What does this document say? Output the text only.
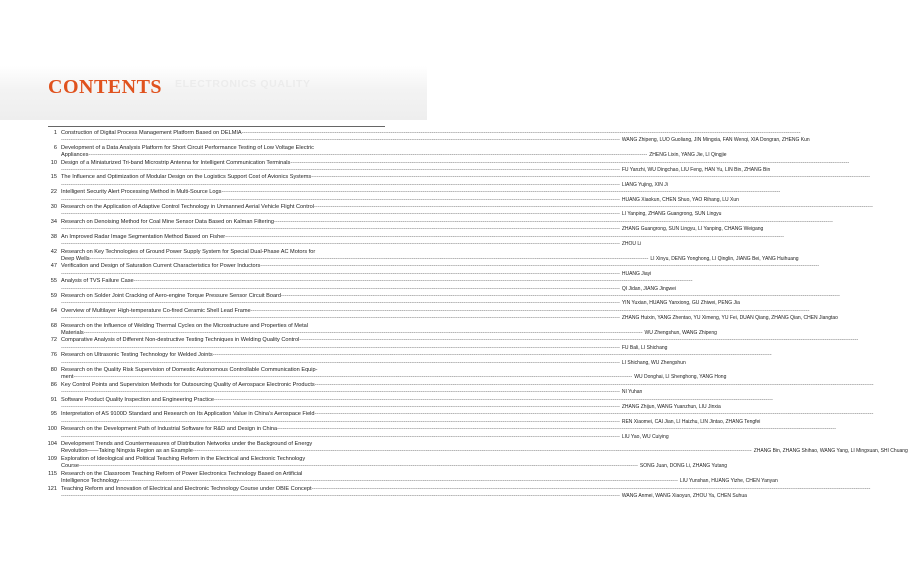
CONTENTS ELECTRONICS QUALITY
1 Construction of Digital Process Management Platform Based on DELMIA ------------------------------------------------------------------------------------------------------------------------------------------------------------------------------------------------------------------------------------------------------------------------------------------------------------
------------------------------------------------------------------------------------------------------------------------------------------------------------------------------------------------------------------------------------------------------------------------------------------------------------ WANG Zhipeng, LUO Guoliang, JIN Mingxia, FAN Wenqi, XIA Dongran, ZHENG Kun
6 Development of a Data Analysis Platform for Short Circuit Performance Testing of Low Voltage Electric
Appliances ------------------------------------------------------------------------------------------------------------------------------------------------------------------------------------------------------------------------------------------------------------------------------------------------------------ ZHENG Lixin, YANG Jie, LI Qingjie
10 Design of a Miniaturized Tri-band Microstrip Antenna for Intelligent Communication Terminals ------------------------------------------------------------------------------------------------------------------------------------------------------------------------------------------------------------------------------------------------------------------------------------------------------------
------------------------------------------------------------------------------------------------------------------------------------------------------------------------------------------------------------------------------------------------------------------------------------------------------------ FU Yanzhi, WU Dingchao, LIU Feng, HAN Yu, LIN Bin, ZHANG Bin
15 The Influence and Optimization of Modular Design on the Logistics Support Cost of Avionics Systems ------------------------------------------------------------------------------------------------------------------------------------------------------------------------------------------------------------------------------------------------------------------------------------------------------------
------------------------------------------------------------------------------------------------------------------------------------------------------------------------------------------------------------------------------------------------------------------------------------------------------------ LIANG Yujing, XIN Ji
22 Intelligent Security Alert Processing Method in Multi-Source Logs ------------------------------------------------------------------------------------------------------------------------------------------------------------------------------------------------------------------------------------------------------------------------------------------------------------
------------------------------------------------------------------------------------------------------------------------------------------------------------------------------------------------------------------------------------------------------------------------------------------------------------ HUANG Xiaokun, CHEN Shuo, YAO Rihang, LU Xun
30 Research on the Application of Adaptive Control Technology in Unmanned Aerial Vehicle Flight Control ------------------------------------------------------------------------------------------------------------------------------------------------------------------------------------------------------------------------------------------------------------------------------------------------------------
------------------------------------------------------------------------------------------------------------------------------------------------------------------------------------------------------------------------------------------------------------------------------------------------------------ LI Yanping, ZHANG Guangrong, SUN Lingyu
34 Research on Denoising Method for Coal Mine Sensor Data Based on Kalman Filtering ------------------------------------------------------------------------------------------------------------------------------------------------------------------------------------------------------------------------------------------------------------------------------------------------------------
------------------------------------------------------------------------------------------------------------------------------------------------------------------------------------------------------------------------------------------------------------------------------------------------------------ ZHANG Guangrong, SUN Lingyu, LI Yanping, CHANG Weigang
38 An Improved Radar Image Segmentation Method Based on Fisher ------------------------------------------------------------------------------------------------------------------------------------------------------------------------------------------------------------------------------------------------------------------------------------------------------------
------------------------------------------------------------------------------------------------------------------------------------------------------------------------------------------------------------------------------------------------------------------------------------------------------------ ZHOU Li
42 Research on Key Technologies of Ground Power Supply System for Special Dual-Phase AC Motors for
Deep Wells ------------------------------------------------------------------------------------------------------------------------------------------------------------------------------------------------------------------------------------------------------------------------------------------------------------ LI Xinyu, DENG Yonghong, LI Qinglin, JIANG Bei, YANG Huihuang
47 Verification and Design of Saturation Current Characteristics for Power Inductors ------------------------------------------------------------------------------------------------------------------------------------------------------------------------------------------------------------------------------------------------------------------------------------------------------------
------------------------------------------------------------------------------------------------------------------------------------------------------------------------------------------------------------------------------------------------------------------------------------------------------------ HUANG Jiayi
55 Analysis of TVS Failure Case ------------------------------------------------------------------------------------------------------------------------------------------------------------------------------------------------------------------------------------------------------------------------------------------------------------
------------------------------------------------------------------------------------------------------------------------------------------------------------------------------------------------------------------------------------------------------------------------------------------------------------ QI Jidan, JIANG Jingwei
59 Research on Solder Joint Cracking of Aero-engine Torque Pressure Sensor Circuit Board ------------------------------------------------------------------------------------------------------------------------------------------------------------------------------------------------------------------------------------------------------------------------------------------------------------
------------------------------------------------------------------------------------------------------------------------------------------------------------------------------------------------------------------------------------------------------------------------------------------------------------ YIN Yuxian, HUANG Yanxiong, GU Zhiwei, PENG Jia
64 Overview of Multilayer High-temperature Co-fired Ceramic Shell Lead Frame ------------------------------------------------------------------------------------------------------------------------------------------------------------------------------------------------------------------------------------------------------------------------------------------------------------
------------------------------------------------------------------------------------------------------------------------------------------------------------------------------------------------------------------------------------------------------------------------------------------------------------ ZHANG Huixin, YANG Zhentao, YU Ximeng, YU Fei, DUAN Qiang, ZHANG Qian, CHEN Jiangtao
68 Research on the Influence of Welding Thermal Cycles on the Microstructure and Properties of Metal
Materials ------------------------------------------------------------------------------------------------------------------------------------------------------------------------------------------------------------------------------------------------------------------------------------------------------------ WU Zhengshun, WANG Zhipeng
72 Comparative Analysis of Different Non-destructive Testing Techniques in Welding Quality Control ------------------------------------------------------------------------------------------------------------------------------------------------------------------------------------------------------------------------------------------------------------------------------------------------------------
------------------------------------------------------------------------------------------------------------------------------------------------------------------------------------------------------------------------------------------------------------------------------------------------------------ FU Bali, LI Shichang
76 Research on Ultrasonic Testing Technology for Welded Joints ------------------------------------------------------------------------------------------------------------------------------------------------------------------------------------------------------------------------------------------------------------------------------------------------------------
------------------------------------------------------------------------------------------------------------------------------------------------------------------------------------------------------------------------------------------------------------------------------------------------------------ LI Shichang, WU Zhengshun
80 Research on the Quality Risk Supervision of Domestic Autonomous Controllable Communication Equip-
ment ------------------------------------------------------------------------------------------------------------------------------------------------------------------------------------------------------------------------------------------------------------------------------------------------------------ WU Donghai, LI Shenghong, YANG Hong
86 Key Control Points and Supervision Methods for Outsourcing Quality of Aerospace Electronic Products ------------------------------------------------------------------------------------------------------------------------------------------------------------------------------------------------------------------------------------------------------------------------------------------------------------
------------------------------------------------------------------------------------------------------------------------------------------------------------------------------------------------------------------------------------------------------------------------------------------------------------ NI Yuhan
91 Software Product Quality Inspection and Engineering Practice ------------------------------------------------------------------------------------------------------------------------------------------------------------------------------------------------------------------------------------------------------------------------------------------------------------
------------------------------------------------------------------------------------------------------------------------------------------------------------------------------------------------------------------------------------------------------------------------------------------------------------ ZHANG Zhijun, WANG Yuanzhun, LIU Jinxia
95 Interpretation of AS 9100D Standard and Research on Its Application Value in China’s Aerospace Field ------------------------------------------------------------------------------------------------------------------------------------------------------------------------------------------------------------------------------------------------------------------------------------------------------------
------------------------------------------------------------------------------------------------------------------------------------------------------------------------------------------------------------------------------------------------------------------------------------------------------------ REN Xiaomei, CAI Jian, LI Haizhu, LIN Jintao, ZHANG Tengfei
100 Research on the Development Path of Industrial Software for R&D and Design in China ------------------------------------------------------------------------------------------------------------------------------------------------------------------------------------------------------------------------------------------------------------------------------------------------------------
------------------------------------------------------------------------------------------------------------------------------------------------------------------------------------------------------------------------------------------------------------------------------------------------------------ LIU Yao, WU Cuiying
104 Development Trends and Countermeasures of Distribution Networks under the Background of Energy
Revolution——Taking Ningxia Region as an Example ------------------------------------------------------------------------------------------------------------------------------------------------------------------------------------------------------------------------------------------------------------------------------------------------------------ ZHANG Bin, ZHANG Shihao, WANG Yang, LI Mingxuan, SHI Chuang
109 Exploration of Ideological and Political Teaching Reform in the Electrical and Electronic Technology
Course ------------------------------------------------------------------------------------------------------------------------------------------------------------------------------------------------------------------------------------------------------------------------------------------------------------ SONG Juan, DONG Li, ZHANG Yutang
115 Research on the Classroom Teaching Reform of Power Electronics Technology Based on Artificial
Intelligence Technology ------------------------------------------------------------------------------------------------------------------------------------------------------------------------------------------------------------------------------------------------------------------------------------------------------------ LIU Yunshan, HUANG Yizhe, CHEN Yanyan
121 Teaching Reform and Innovation of Electrical and Electronic Technology Course under OBIE Concept ------------------------------------------------------------------------------------------------------------------------------------------------------------------------------------------------------------------------------------------------------------------------------------------------------------
------------------------------------------------------------------------------------------------------------------------------------------------------------------------------------------------------------------------------------------------------------------------------------------------------------ WANG Anmei, WANG Xiaoyun, ZHOU Ya, CHEN Suhua
